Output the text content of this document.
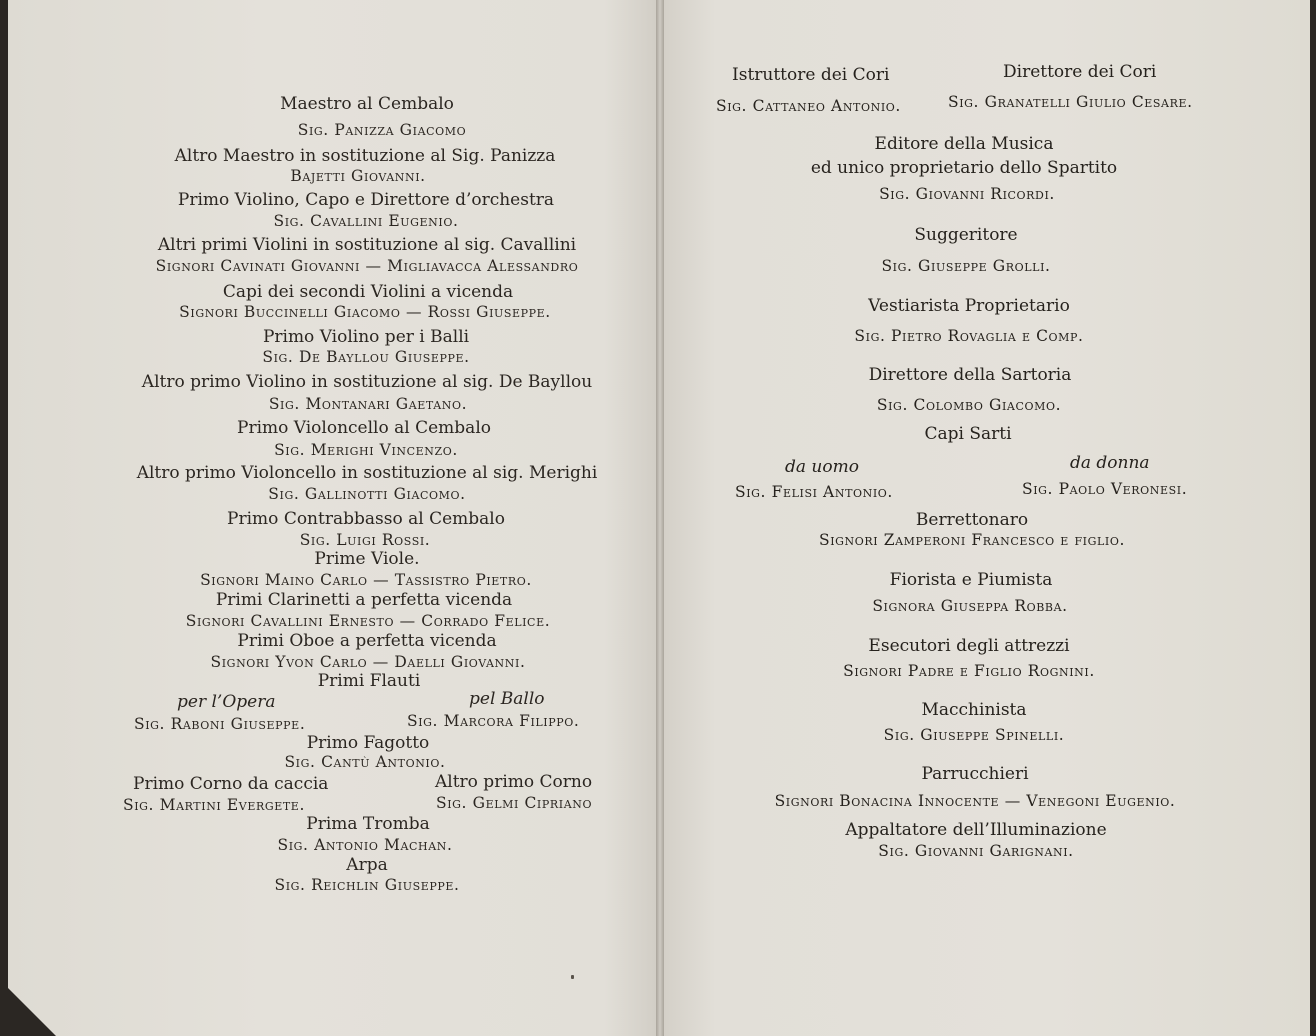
Maestro al Cembalo
Sig. Panizza Giacomo
Altro Maestro in sostituzione al Sig. Panizza
Bajetti Giovanni.
Primo Violino, Capo e Direttore d’orchestra
Sig. Cavallini Eugenio.
Altri primi Violini in sostituzione al sig. Cavallini
Signori Cavinati Giovanni — Migliavacca Alessandro
Capi dei secondi Violini a vicenda
Signori Buccinelli Giacomo — Rossi Giuseppe.
Primo Violino per i Balli
Sig. De Bayllou Giuseppe.
Altro primo Violino in sostituzione al sig. De Bayllou
Sig. Montanari Gaetano.
Primo Violoncello al Cembalo
Sig. Merighi Vincenzo.
Altro primo Violoncello in sostituzione al sig. Merighi
Sig. Gallinotti Giacomo.
Primo Contrabbasso al Cembalo
Sig. Luigi Rossi.
Prime Viole.
Signori Maino Carlo — Tassistro Pietro.
Primi Clarinetti a perfetta vicenda
Signori Cavallini Ernesto — Corrado Felice.
Primi Oboe a perfetta vicenda
Signori Yvon Carlo — Daelli Giovanni.
Primi Flauti
per l’Opera	pel Ballo
Sig. Raboni Giuseppe.	Sig. Marcora Filippo.
Primo Fagotto
Sig. Cantù Antonio.
Primo Corno da caccia	Altro primo Corno
Sig. Martini Evergete.	Sig. Gelmi Cipriano
Prima Tromba
Sig. Antonio Machan.
Arpa
Sig. Reichlin Giuseppe.
Istruttore dei Cori	Direttore dei Cori
Sig. Cattaneo Antonio.	Sig. Granatelli Giulio Cesare.
Editore della Musica
ed unico proprietario dello Spartito
Sig. Giovanni Ricordi.
Suggeritore
Sig. Giuseppe Grolli.
Vestiarista Proprietario
Sig. Pietro Rovaglia e Comp.
Direttore della Sartoria
Sig. Colombo Giacomo.
Capi Sarti
da uomo	da donna
Sig. Felisi Antonio.	Sig. Paolo Veronesi.
Berrettonaro
Signori Zamperoni Francesco e figlio.
Fiorista e Piumista
Signora Giuseppa Robba.
Esecutori degli attrezzi
Signori Padre e Figlio Rognini.
Macchinista
Sig. Giuseppe Spinelli.
Parrucchieri
Signori Bonacina Innocente — Venegoni Eugenio.
Appaltatore dell’Illuminazione
Sig. Giovanni Garignani.
